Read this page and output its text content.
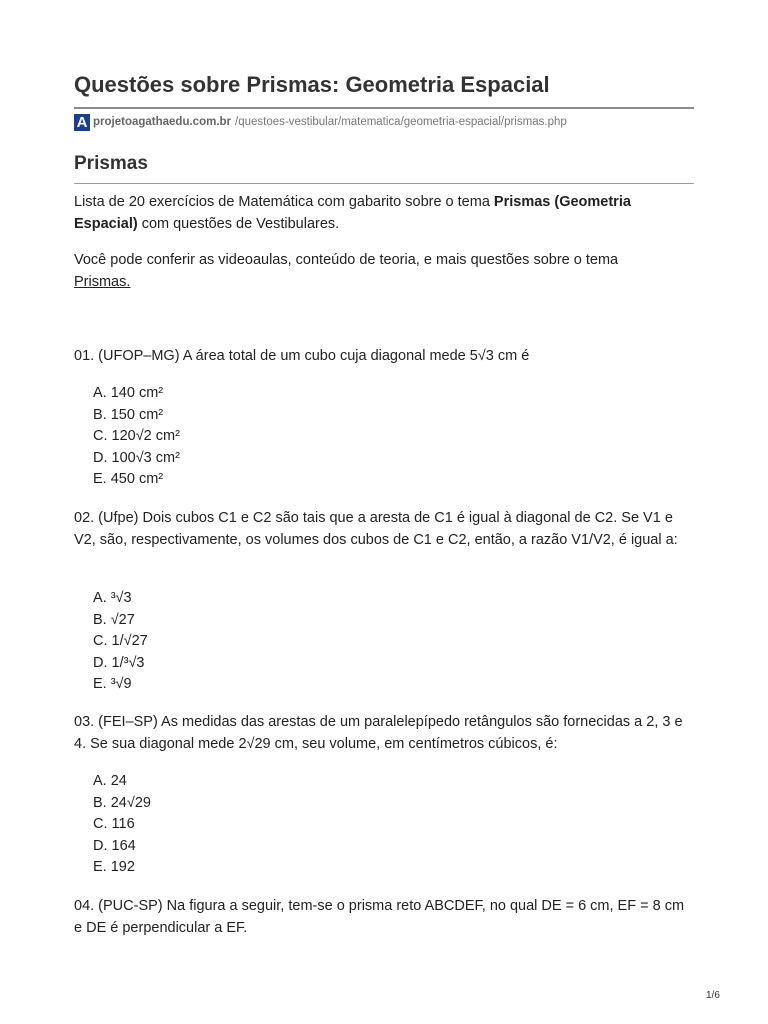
Questões sobre Prismas: Geometria Espacial
A projetoagathaedu.com.br /questoes-vestibular/matematica/geometria-espacial/prismas.php
Prismas

Lista de 20 exercícios de Matemática com gabarito sobre o tema Prismas (Geometria Espacial) com questões de Vestibulares.

Você pode conferir as videoaulas, conteúdo de teoria, e mais questões sobre o tema
Prismas.

01. (UFOP–MG) A área total de um cubo cuja diagonal mede 5√3 cm é

A. 140 cm²
B. 150 cm²
C. 120√2 cm²
D. 100√3 cm²
E. 450 cm²

02. (Ufpe) Dois cubos C1 e C2 são tais que a aresta de C1 é igual à diagonal de C2. Se V1 e V2, são, respectivamente, os volumes dos cubos de C1 e C2, então, a razão V1/V2, é igual a:

A. ³√3
B. √27
C. 1/√27
D. 1/³√3
E. ³√9

03. (FEI–SP) As medidas das arestas de um paralelepípedo retângulos são fornecidas a 2, 3 e 4. Se sua diagonal mede 2√29 cm, seu volume, em centímetros cúbicos, é:

A. 24
B. 24√29
C. 116
D. 164
E. 192

04. (PUC-SP) Na figura a seguir, tem-se o prisma reto ABCDEF, no qual DE = 6 cm, EF = 8 cm e DE é perpendicular a EF.

1/6
